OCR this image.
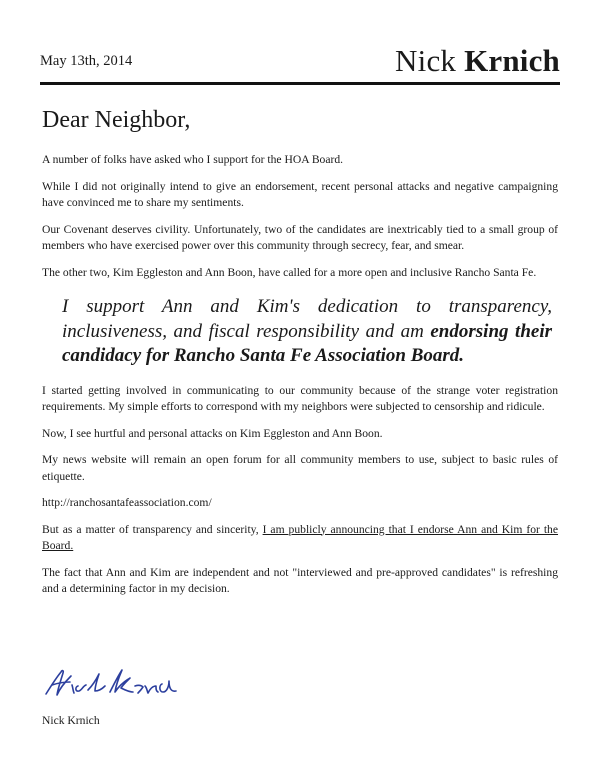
May 13th, 2014	Nick Krnich
Dear Neighbor,

A number of folks have asked who I support for the HOA Board.

While I did not originally intend to give an endorsement, recent personal attacks and negative campaigning have convinced me to share my sentiments.

Our Covenant deserves civility. Unfortunately, two of the candidates are inextricably tied to a small group of members who have exercised power over this community through secrecy, fear, and smear.

The other two, Kim Eggleston and Ann Boon, have called for a more open and inclusive Rancho Santa Fe.

I support Ann and Kim's dedication to transparency, inclusiveness, and fiscal responsibility and am endorsing their candidacy for Rancho Santa Fe Association Board.

I started getting involved in communicating to our community because of the strange voter registration requirements. My simple efforts to correspond with my neighbors were subjected to censorship and ridicule.

Now, I see hurtful and personal attacks on Kim Eggleston and Ann Boon.

My news website will remain an open forum for all community members to use, subject to basic rules of etiquette.

http://ranchosantafeassociation.com/

But as a matter of transparency and sincerity, I am publicly announcing that I endorse Ann and Kim for the Board.

The fact that Ann and Kim are independent and not "interviewed and pre-approved candidates" is refreshing and a determining factor in my decision.

Nick Krnich
